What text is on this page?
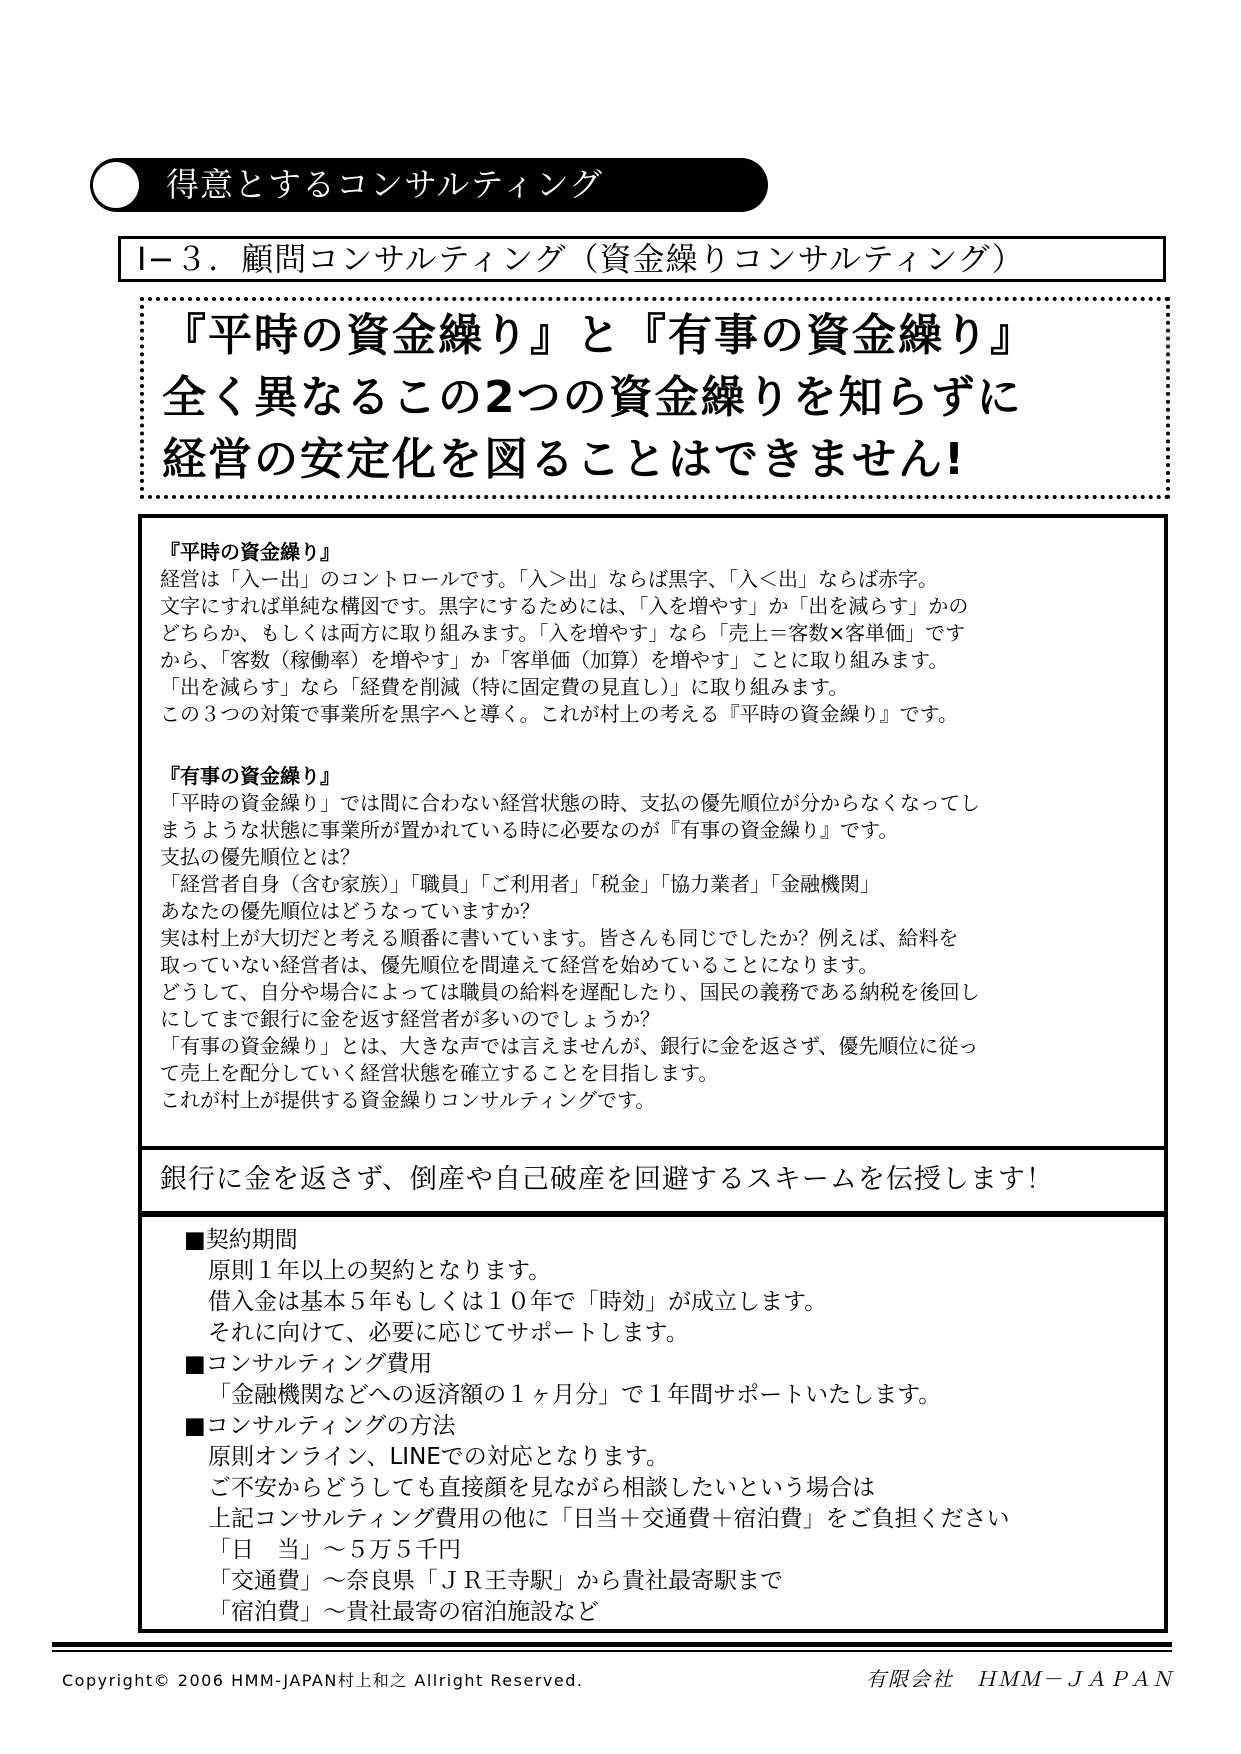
得意とするコンサルティング
Ⅰ−３．顧問コンサルティング（資金繰りコンサルティング）
『平時の資金繰り』と『有事の資金繰り』
全く異なるこの2つの資金繰りを知らずに
経営の安定化を図ることはできません!
『平時の資金繰り』
経営は「入ー出」のコントロールです。「入＞出」ならば黒字、「入＜出」ならば赤字。
文字にすれば単純な構図です。黒字にするためには、「入を増やす」か「出を減らす」かの
どちらか、もしくは両方に取り組みます。「入を増やす」なら「売上＝客数×客単価」です
から、「客数（稼働率）を増やす」か「客単価（加算）を増やす」ことに取り組みます。
「出を減らす」なら「経費を削減（特に固定費の見直し）」に取り組みます。
この３つの対策で事業所を黒字へと導く。これが村上の考える『平時の資金繰り』です。
『有事の資金繰り』
「平時の資金繰り」では間に合わない経営状態の時、支払の優先順位が分からなくなってし
まうような状態に事業所が置かれている時に必要なのが『有事の資金繰り』です。
支払の優先順位とは？
「経営者自身（含む家族）」「職員」「ご利用者」「税金」「協力業者」「金融機関」
あなたの優先順位はどうなっていますか？
実は村上が大切だと考える順番に書いています。皆さんも同じでしたか？例えば、給料を
取っていない経営者は、優先順位を間違えて経営を始めていることになります。
どうして、自分や場合によっては職員の給料を遅配したり、国民の義務である納税を後回し
にしてまで銀行に金を返す経営者が多いのでしょうか？
「有事の資金繰り」とは、大きな声では言えませんが、銀行に金を返さず、優先順位に従っ
て売上を配分していく経営状態を確立することを目指します。
これが村上が提供する資金繰りコンサルティングです。
銀行に金を返さず、倒産や自己破産を回避するスキームを伝授します！
■契約期間
原則１年以上の契約となります。
借入金は基本５年もしくは１０年で「時効」が成立します。
それに向けて、必要に応じてサポートします。
■コンサルティング費用
「金融機関などへの返済額の１ヶ月分」で１年間サポートいたします。
■コンサルティングの方法
原則オンライン、LINEでの対応となります。
ご不安からどうしても直接顔を見ながら相談したいという場合は
上記コンサルティング費用の他に「日当＋交通費＋宿泊費」をご負担ください
「日　当」〜５万５千円
「交通費」〜奈良県「ＪＲ王寺駅」から貴社最寄駅まで
「宿泊費」〜貴社最寄の宿泊施設など
Copyright© 2006 HMM-JAPAN村上和之 Allright Reserved.	有限会社　ＨＭＭ－ＪＡＰＡＮ
